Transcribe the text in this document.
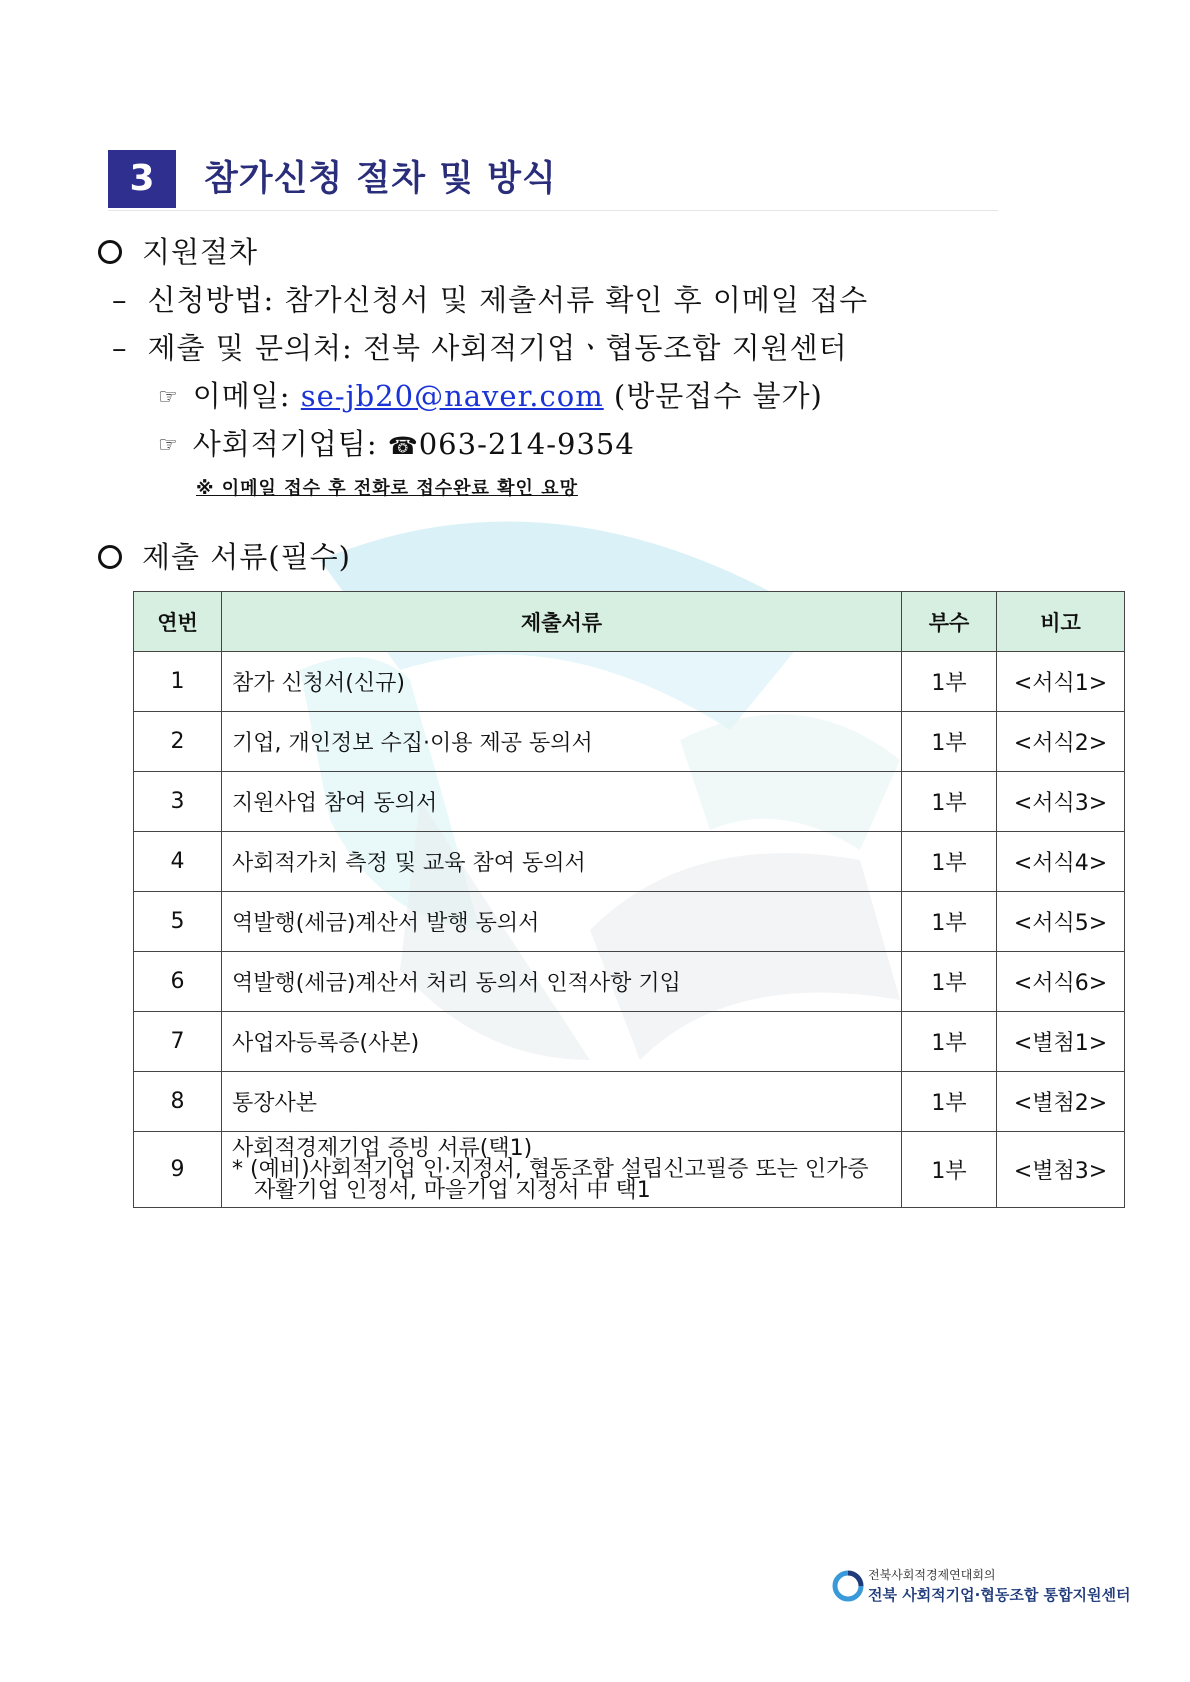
3	참가신청 절차 및 방식
지원절차
– 신청방법: 참가신청서 및 제출서류 확인 후 이메일 접수
– 제출 및 문의처: 전북 사회적기업ㆍ협동조합 지원센터
☞ 이메일: se-jb20@naver.com (방문접수 불가)
☞ 사회적기업팀: ☎063-214-9354
※ 이메일 접수 후 전화로 접수완료 확인 요망
제출 서류(필수)
연번	제출서류	부수	비고
1	참가 신청서(신규)	1부	<서식1>
2	기업, 개인정보 수집·이용 제공 동의서	1부	<서식2>
3	지원사업 참여 동의서	1부	<서식3>
4	사회적가치 측정 및 교육 참여 동의서	1부	<서식4>
5	역발행(세금)계산서 발행 동의서	1부	<서식5>
6	역발행(세금)계산서 처리 동의서 인적사항 기입	1부	<서식6>
7	사업자등록증(사본)	1부	<별첨1>
8	통장사본	1부	<별첨2>
9	사회적경제기업 증빙 서류(택1)
* (예비)사회적기업 인·지정서, 협동조합 설립신고필증 또는 인가증
자활기업 인정서, 마을기업 지정서 中 택1	1부	<별첨3>
전북사회적경제연대회의
전북 사회적기업·협동조합 통합지원센터
